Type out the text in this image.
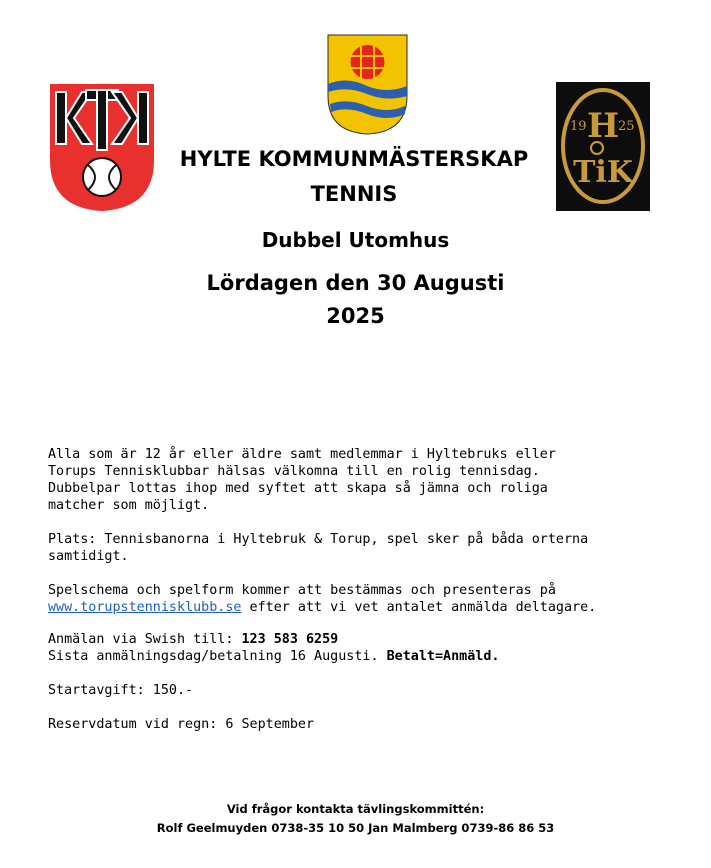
19 25
H
TiK
HYLTE KOMMUNMÄSTERSKAP
TENNIS
Dubbel Utomhus
Lördagen den 30 Augusti
2025
Alla som är 12 år eller äldre samt medlemmar i Hyltebruks eller
Torups Tennisklubbar hälsas välkomna till en rolig tennisdag.
Dubbelpar lottas ihop med syftet att skapa så jämna och roliga
matcher som möjligt.
Plats: Tennisbanorna i Hyltebruk & Torup, spel sker på båda orterna
samtidigt.
Spelschema och spelform kommer att bestämmas och presenteras på
www.torupstennisklubb.se efter att vi vet antalet anmälda deltagare.
Anmälan via Swish till: 123 583 6259
Sista anmälningsdag/betalning 16 Augusti. Betalt=Anmäld.
Startavgift: 150.-
Reservdatum vid regn: 6 September
Vid frågor kontakta tävlingskommittén:
Rolf Geelmuyden 0738-35 10 50 Jan Malmberg 0739-86 86 53
